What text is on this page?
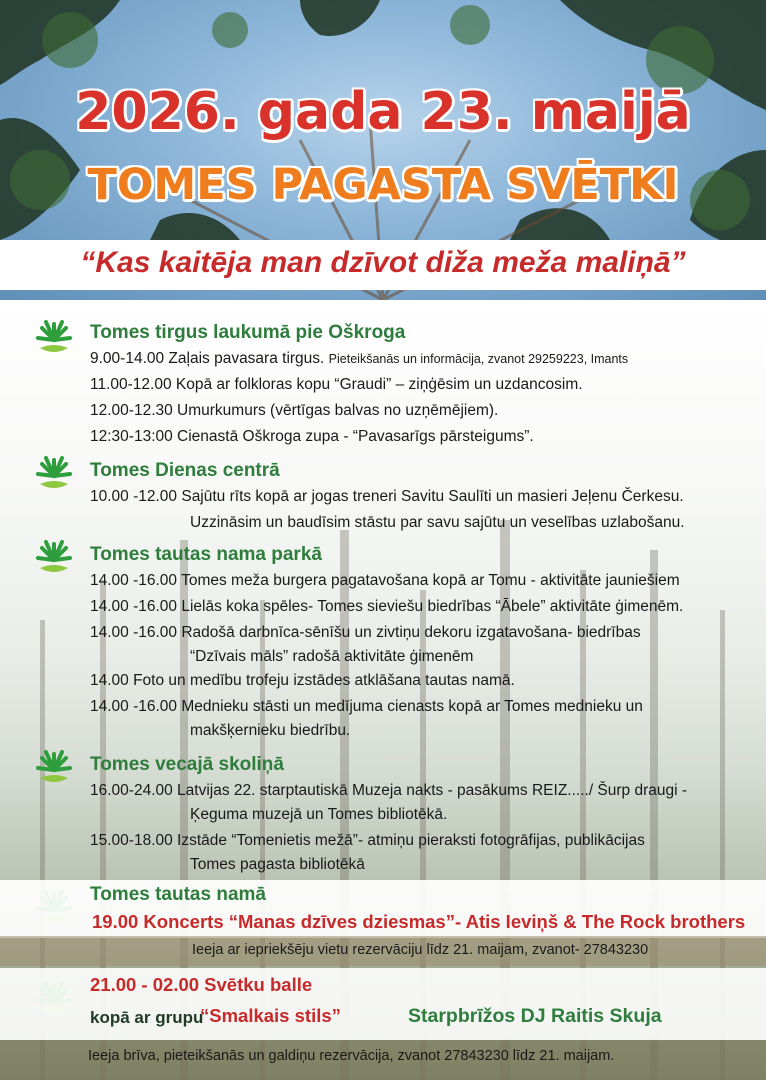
2026. gada 23. maijā
TOMES PAGASTA SVĒTKI
“Kas kaitēja man dzīvot diža meža maliņā”
Tomes tirgus laukumā pie Oškroga
9.00-14.00 Zaļais pavasara tirgus. Pieteikšanās un informācija, zvanot 29259223, Imants
11.00-12.00 Kopā ar folkloras kopu “Graudi” – ziņģēsim un uzdancosim.
12.00-12.30 Umurkumurs (vērtīgas balvas no uzņēmējiem).
12:30-13:00 Cienastā Oškroga zupa - “Pavasarīgs pārsteigums”.
Tomes Dienas centrā
10.00 -12.00 Sajūtu rīts kopā ar jogas treneri Savitu Saulīti un masieri Jeļenu Čerkesu.
Uzzināsim un baudīsim stāstu par savu sajūtu un veselības uzlabošanu.
Tomes tautas nama parkā
14.00 -16.00 Tomes meža burgera pagatavošana kopā ar Tomu - aktivitāte jauniešiem
14.00 -16.00 Lielās koka spēles- Tomes sieviešu biedrības “Ābele” aktivitāte ģimenēm.
14.00 -16.00 Radošā darbnīca-sēnīšu un zivtiņu dekoru izgatavošana- biedrības
“Dzīvais māls” radošā aktivitāte ģimenēm
14.00 Foto un medību trofeju izstādes atklāšana tautas namā.
14.00 -16.00 Mednieku stāsti un medījuma cienasts kopā ar Tomes mednieku un
makšķernieku biedrību.
Tomes vecajā skoliņā
16.00-24.00 Latvijas 22. starptautiskā Muzeja nakts - pasākums REIZ...../ Šurp draugi -
Ķeguma muzejā un Tomes bibliotēkā.
15.00-18.00 Izstāde “Tomenietis mežā”- atmiņu pieraksti fotogrāfijas, publikācijas
Tomes pagasta bibliotēkā
Tomes tautas namā
19.00 Koncerts “Manas dzīves dziesmas”- Atis Ieviņš & The Rock brothers
Ieeja ar iepriekšēju vietu rezervāciju līdz 21. maijam, zvanot- 27843230
21.00 - 02.00 Svētku balle
kopā ar grupu
“Smalkais stils”	Starpbrīžos DJ Raitis Skuja
Ieeja brīva, pieteikšanās un galdiņu rezervācija, zvanot 27843230 līdz 21. maijam.
